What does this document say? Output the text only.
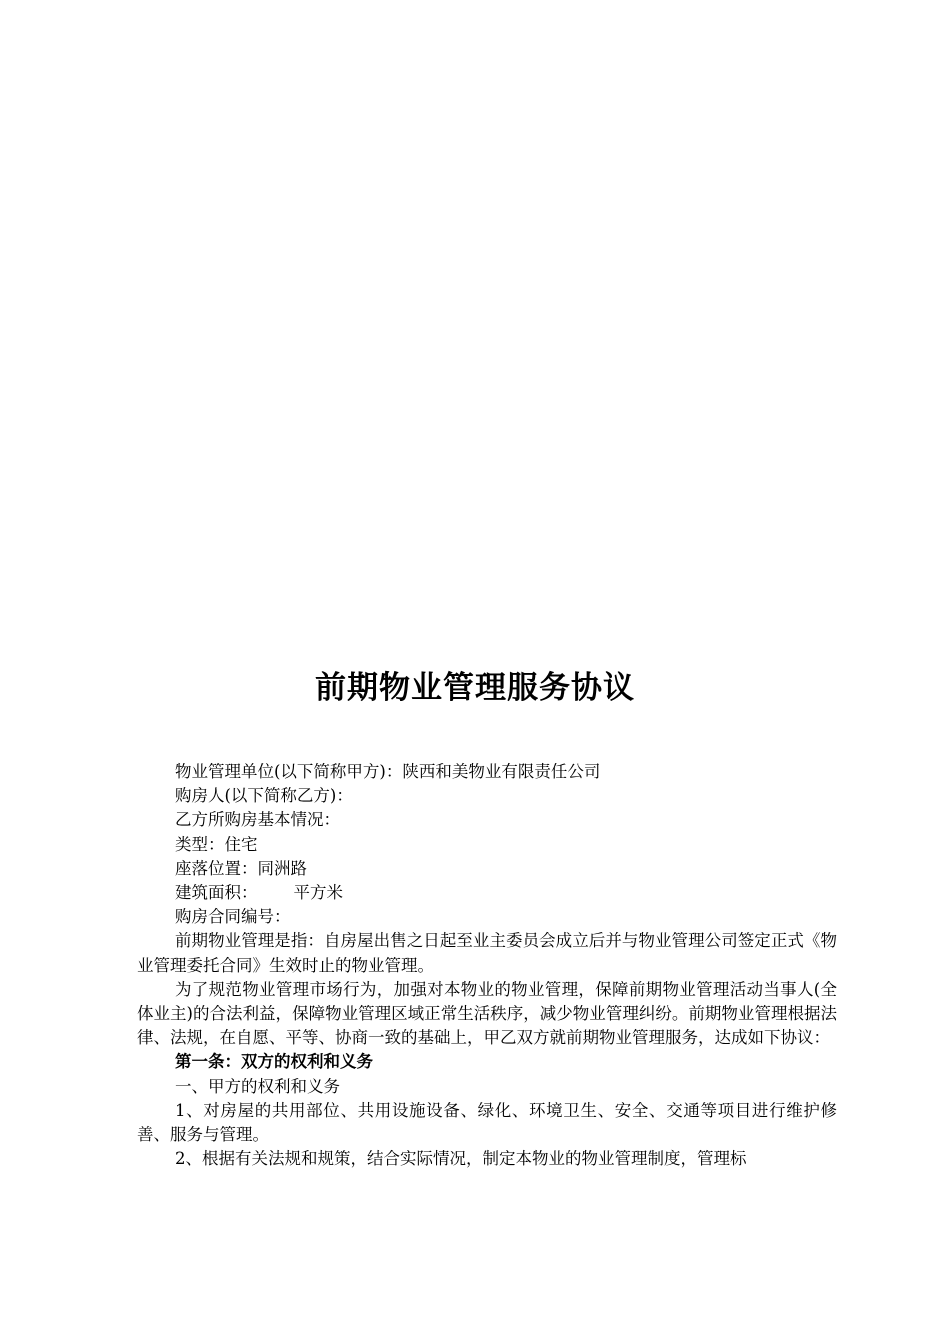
前期物业管理服务协议

物业管理单位(以下简称甲方)：陕西和美物业有限责任公司

购房人(以下简称乙方)：

乙方所购房基本情况：

类型：住宅

座落位置：同洲路

建筑面积： 平方米

购房合同编号：

前期物业管理是指：自房屋出售之日起至业主委员会成立后并与物业管理公司签定正式《物业管理委托合同》生效时止的物业管理。

为了规范物业管理市场行为，加强对本物业的物业管理，保障前期物业管理活动当事人(全体业主)的合法利益，保障物业管理区域正常生活秩序，减少物业管理纠纷。前期物业管理根据法律、法规，在自愿、平等、协商一致的基础上，甲乙双方就前期物业管理服务，达成如下协议：

第一条：双方的权利和义务

一、甲方的权利和义务

1、对房屋的共用部位、共用设施设备、绿化、环境卫生、安全、交通等项目进行维护修善、服务与管理。

2、根据有关法规和规策，结合实际情况，制定本物业的物业管理制度，管理标
